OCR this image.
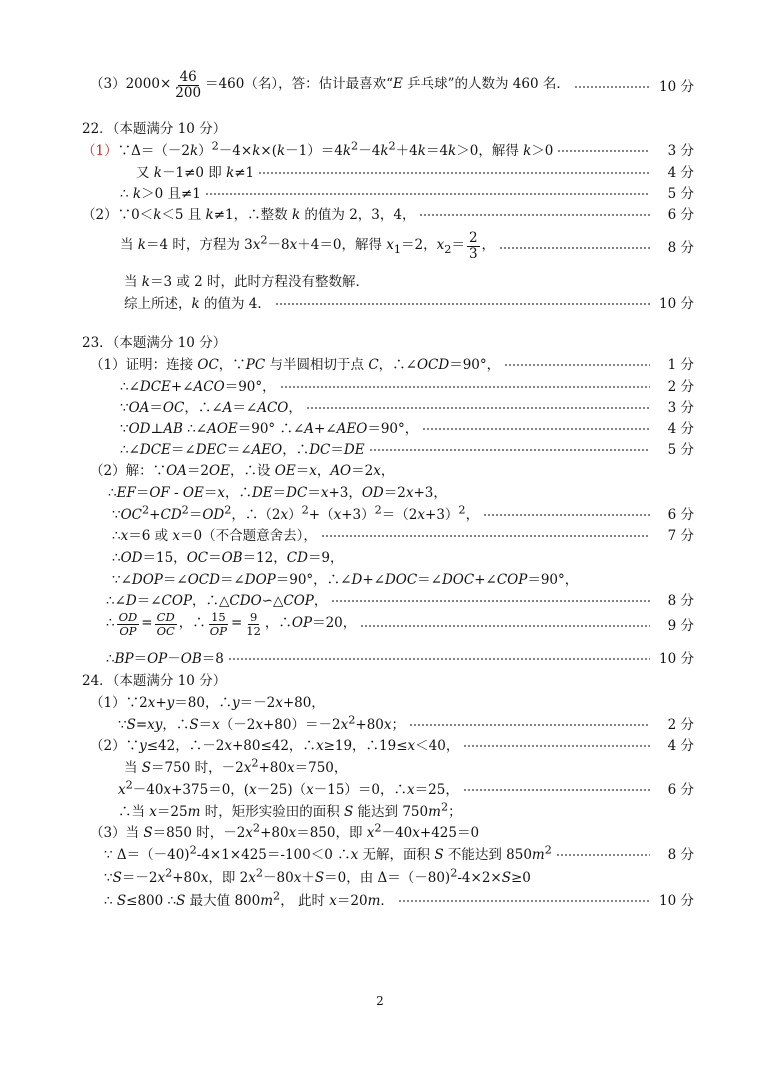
$(3)2000\times \frac{46}{200} =460$（名），答：估计最喜欢“E 乒乓球”的人数为 460 名．	10 分
22．（本题满分 10 分）
$(1)\because\Delta=(-2k)^2-4\times k\times(k-1)=4k^2-4k^2+4k=4k>0$，解得 k＞0	3 分
又 k－1≠0 即 k≠1	4 分
∴ k＞0 且≠1	5 分
（2）∵0＜k＜5 且 k≠1，∴整数 k 的值为 2，3，4，	6 分
当 k＝4 时，方程为 $3x^2-8x+4=0$，解得 $x_1=2$，$x_2= \frac{2}{3}$ ，	8 分
当 k＝3 或 2 时，此时方程没有整数解．
综上所述，k 的值为 4．	10 分
23．（本题满分 10 分）
（1）证明：连接 OC，∵PC 与半圆相切于点 C，∴∠OCD＝90°，	1 分
∴∠DCE+∠ACO＝90°，	2 分
∵OA＝OC，∴∠A＝∠ACO，	3 分
∵OD⊥AB ∴∠AOE＝90° ∴∠A+∠AEO＝90°，	4 分
∴∠DCE＝∠DEC＝∠AEO，∴DC＝DE	5 分
（2）解：∵OA＝2OE，∴设 OE＝x，AO＝2x，
∴EF＝OF - OE＝x，∴DE＝DC＝x+3，OD＝2x+3，
$\because OC^2+CD^2=OD^2$，$\therefore(2x)^2+(x+3)^2=(2x+3)^2$，	6 分
∴x＝6 或 x＝0（不合题意舍去），	7 分
∴OD＝15，OC＝OB＝12，CD＝9，
∵∠DOP＝∠OCD＝∠DOP＝90°，∴∠D+∠DOC＝∠DOC+∠COP＝90°，
∴∠D＝∠COP，∴△CDO∽△COP，	8 分
∴ $\frac{OD}{OP} = \frac{CD}{OC}$ ，∴ $\frac{15}{OP} = \frac{9}{12}$ ，∴OP＝20，	9 分
∴BP＝OP－OB＝8	10 分
24．（本题满分 10 分）
（1）∵2x+y＝80，∴y＝－2x+80，
∵S=xy，$\therefore S=x(-2x+80)=-2x^2+80x$；	2 分
（2）∵y≤42，∴－2x+80≤42，∴x≥19，∴19≤x＜40，	4 分
当 S＝750 时，$-2x^2+80x=750$，
$x^2-40x+375=0$，(x－25)（x－15）＝0，∴x＝25，	6 分
∴当 x＝25m 时，矩形实验田的面积 S 能达到 $750m^2$；
（3）当 S＝850 时，$-2x^2+80x=850$，即 $x^2-40x+425=0$
∵ Δ＝（－40)$^2$-4×1×425＝-100＜0 ∴x 无解，面积 S 不能达到 $850m^2$	8 分
$\because S=-2x^2+80x$，即 $2x^2-80x+S=0$，由 Δ＝（－80)$^2$-4×2×S≥0
∴ S≤800 ∴S 最大值 $800m^2$， 此时 x＝20m．	10 分
2
